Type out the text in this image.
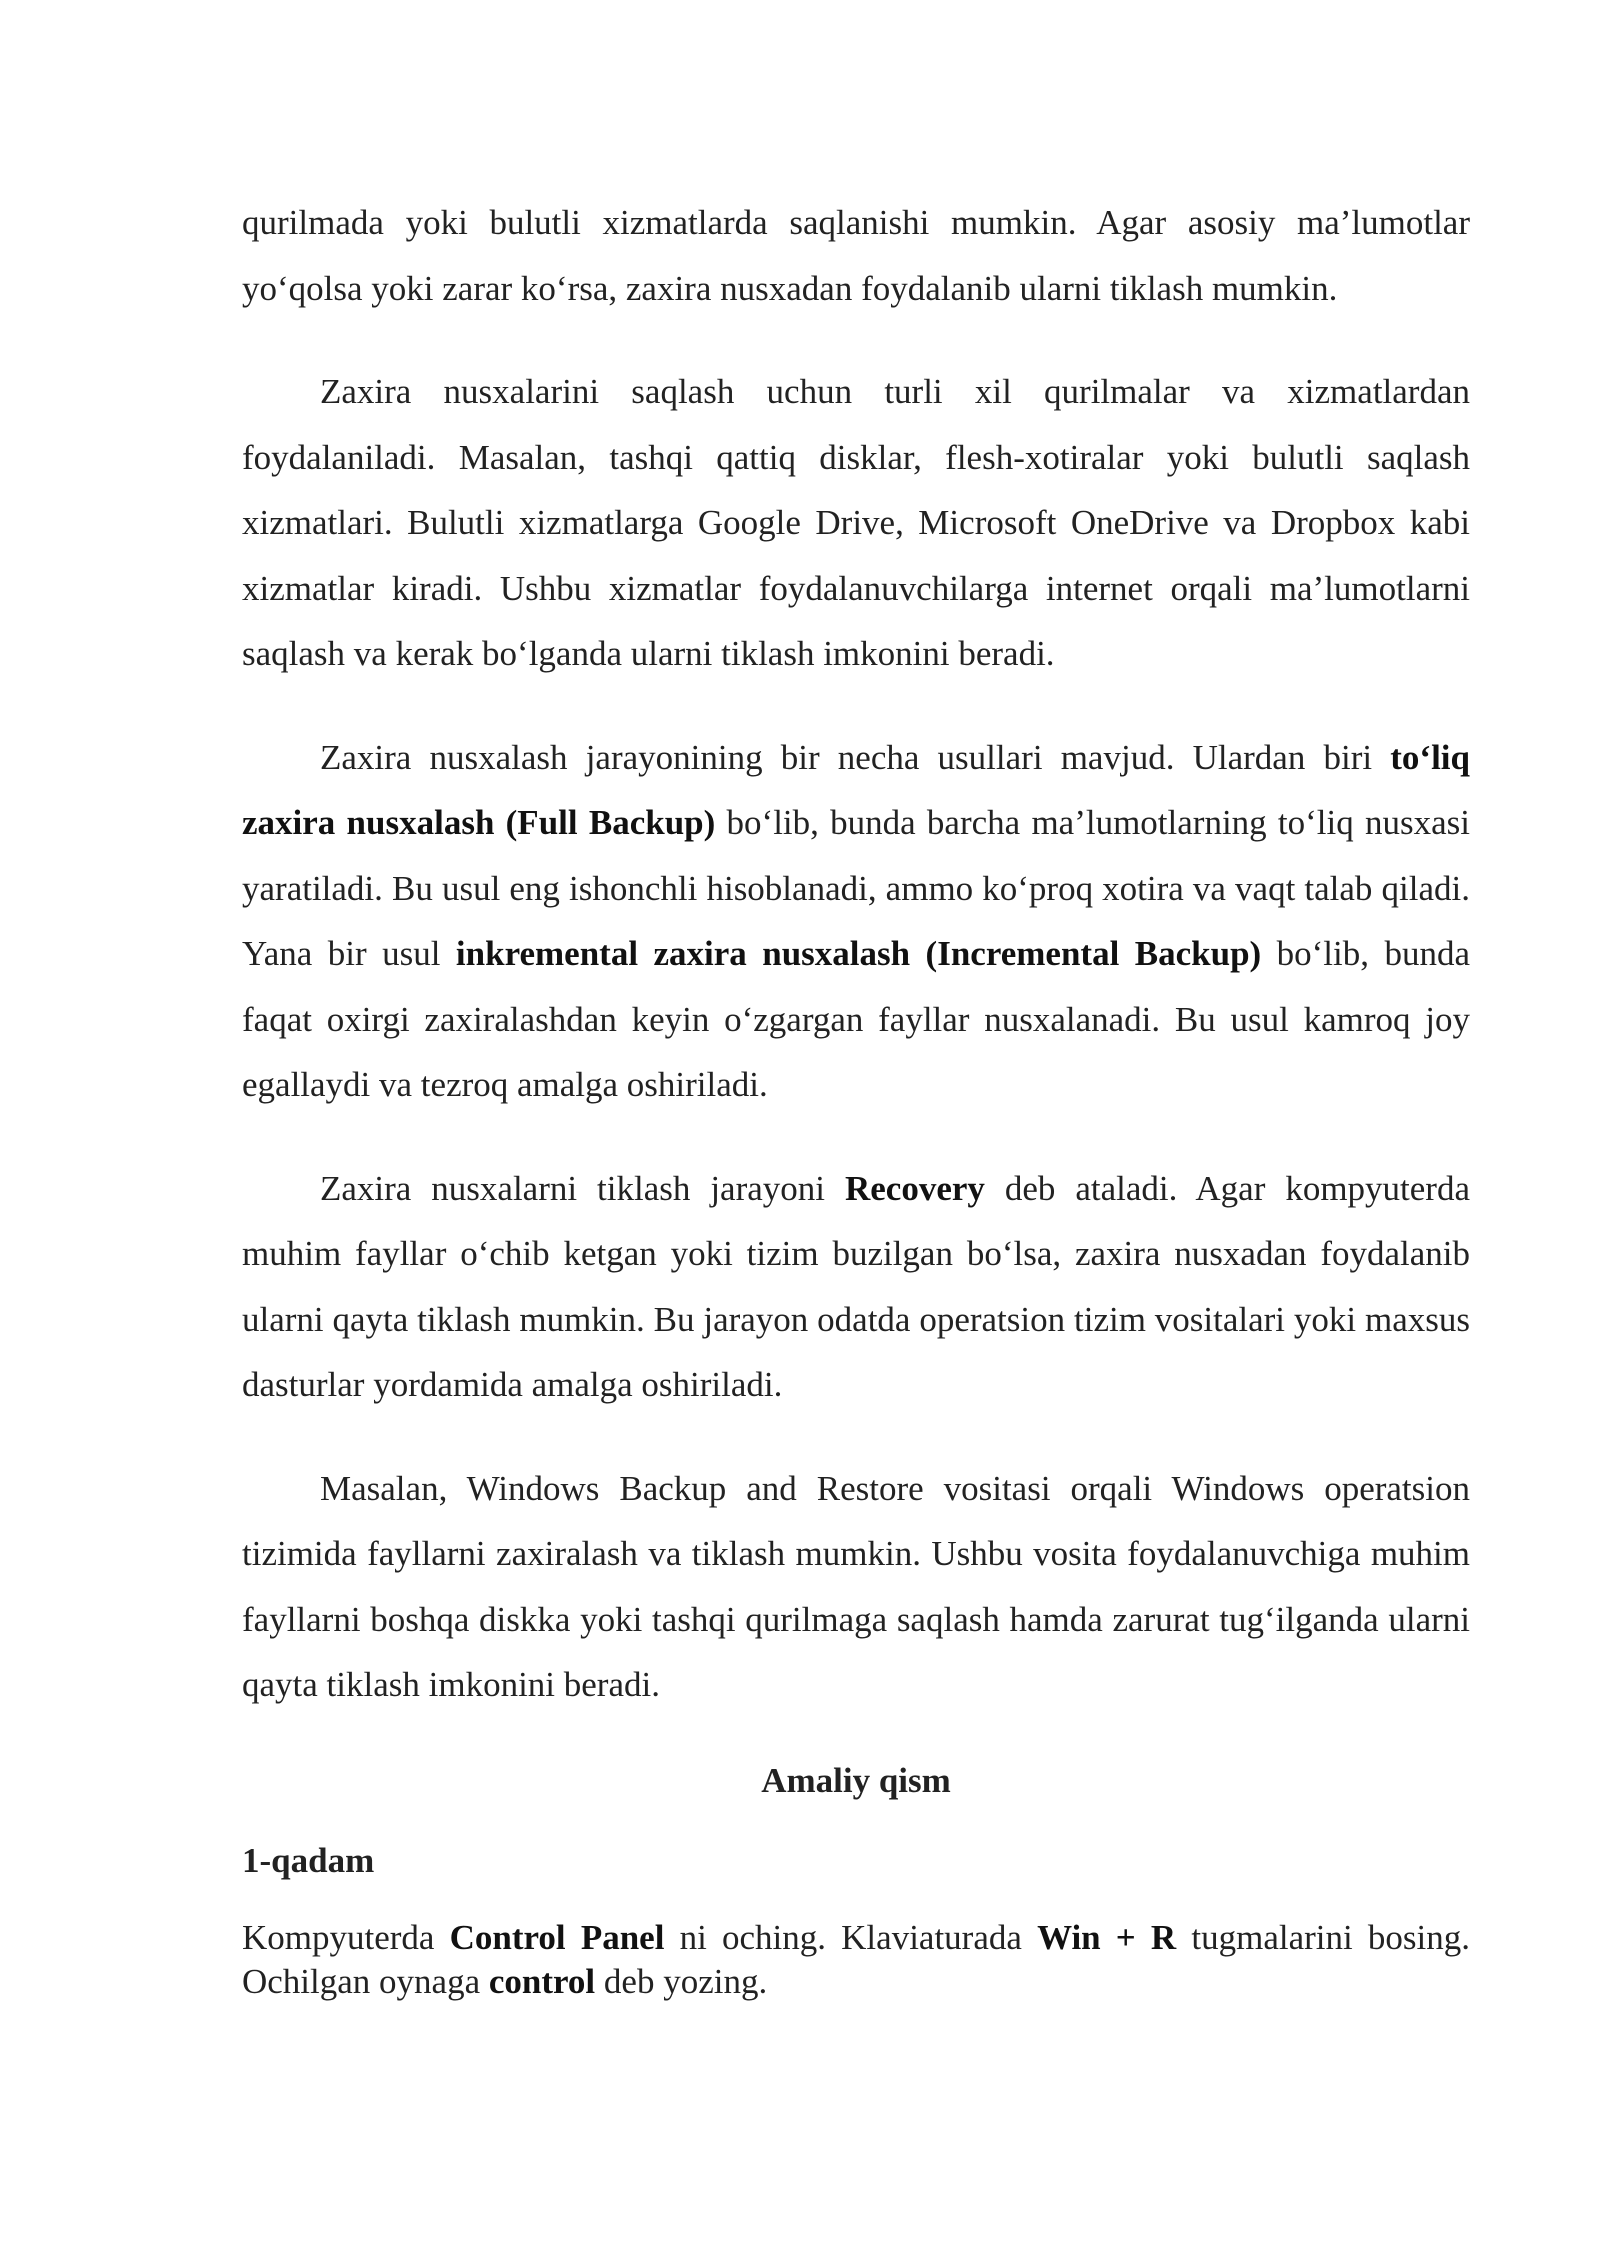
qurilmada yoki bulutli xizmatlarda saqlanishi mumkin. Agar asosiy ma’lumotlar yo‘qolsa yoki zarar ko‘rsa, zaxira nusxadan foydalanib ularni tiklash mumkin.

Zaxira nusxalarini saqlash uchun turli xil qurilmalar va xizmatlardan foydalaniladi. Masalan, tashqi qattiq disklar, flesh-xotiralar yoki bulutli saqlash xizmatlari. Bulutli xizmatlarga Google Drive, Microsoft OneDrive va Dropbox kabi xizmatlar kiradi. Ushbu xizmatlar foydalanuvchilarga internet orqali ma’lumotlarni saqlash va kerak bo‘lganda ularni tiklash imkonini beradi.

Zaxira nusxalash jarayonining bir necha usullari mavjud. Ulardan biri to‘liq zaxira nusxalash (Full Backup) bo‘lib, bunda barcha ma’lumotlarning to‘liq nusxasi yaratiladi. Bu usul eng ishonchli hisoblanadi, ammo ko‘proq xotira va vaqt talab qiladi. Yana bir usul inkremental zaxira nusxalash (Incremental Backup) bo‘lib, bunda faqat oxirgi zaxiralashdan keyin o‘zgargan fayllar nusxalanadi. Bu usul kamroq joy egallaydi va tezroq amalga oshiriladi.

Zaxira nusxalarni tiklash jarayoni Recovery deb ataladi. Agar kompyuterda muhim fayllar o‘chib ketgan yoki tizim buzilgan bo‘lsa, zaxira nusxadan foydalanib ularni qayta tiklash mumkin. Bu jarayon odatda operatsion tizim vositalari yoki maxsus dasturlar yordamida amalga oshiriladi.

Masalan, Windows Backup and Restore vositasi orqali Windows operatsion tizimida fayllarni zaxiralash va tiklash mumkin. Ushbu vosita foydalanuvchiga muhim fayllarni boshqa diskka yoki tashqi qurilmaga saqlash hamda zarurat tug‘ilganda ularni qayta tiklash imkonini beradi.

Amaliy qism
1-qadam

Kompyuterda Control Panel ni oching. Klaviaturada Win + R tugmalarini bosing. Ochilgan oynaga control deb yozing.
